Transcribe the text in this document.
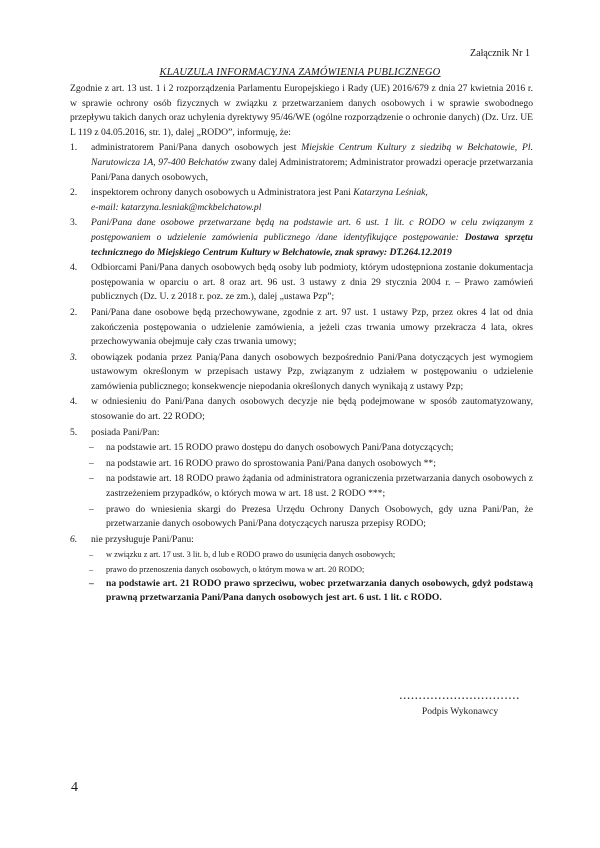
Załącznik Nr 1
KLAUZULA INFORMACYJNA ZAMÓWIENIA PUBLICZNEGO
Zgodnie z art. 13 ust. 1 i 2 rozporządzenia Parlamentu Europejskiego i Rady (UE) 2016/679 z dnia 27 kwietnia 2016 r. w sprawie ochrony osób fizycznych w związku z przetwarzaniem danych osobowych i w sprawie swobodnego przepływu takich danych oraz uchylenia dyrektywy 95/46/WE (ogólne rozporządzenie o ochronie danych) (Dz. Urz. UE L 119 z 04.05.2016, str. 1), dalej „RODO”, informuję, że:
1. administratorem Pani/Pana danych osobowych jest Miejskie Centrum Kultury z siedzibą w Bełchatowie, Pl. Narutowicza 1A, 97-400 Bełchatów zwany dalej Administratorem; Administrator prowadzi operacje przetwarzania Pani/Pana danych osobowych,
2. inspektorem ochrony danych osobowych u Administratora jest Pani Katarzyna Leśniak,
e-mail: katarzyna.lesniak@mckbelchatow.pl
3. Pani/Pana dane osobowe przetwarzane będą na podstawie art. 6 ust. 1 lit. c RODO w celu związanym z postępowaniem o udzielenie zamówienia publicznego /dane identyfikujące postępowanie: Dostawa sprzętu technicznego do Miejskiego Centrum Kultury w Bełchatowie, znak sprawy: DT.264.12.2019
4. Odbiorcami Pani/Pana danych osobowych będą osoby lub podmioty, którym udostępniona zostanie dokumentacja postępowania w oparciu o art. 8 oraz art. 96 ust. 3 ustawy z dnia 29 stycznia 2004 r. – Prawo zamówień publicznych (Dz. U. z 2018 r. poz. ze zm.), dalej „ustawa Pzp”;
2. Pani/Pana dane osobowe będą przechowywane, zgodnie z art. 97 ust. 1 ustawy Pzp, przez okres 4 lat od dnia zakończenia postępowania o udzielenie zamówienia, a jeżeli czas trwania umowy przekracza 4 lata, okres przechowywania obejmuje cały czas trwania umowy;
3. obowiązek podania przez Panią/Pana danych osobowych bezpośrednio Pani/Pana dotyczących jest wymogiem ustawowym określonym w przepisach ustawy Pzp, związanym z udziałem w postępowaniu o udzielenie zamówienia publicznego; konsekwencje niepodania określonych danych wynikają z ustawy Pzp;
4. w odniesieniu do Pani/Pana danych osobowych decyzje nie będą podejmowane w sposób zautomatyzowany, stosowanie do art. 22 RODO;
5. posiada Pani/Pan:
– na podstawie art. 15 RODO prawo dostępu do danych osobowych Pani/Pana dotyczących;
– na podstawie art. 16 RODO prawo do sprostowania Pani/Pana danych osobowych **;
– na podstawie art. 18 RODO prawo żądania od administratora ograniczenia przetwarzania danych osobowych z zastrzeżeniem przypadków, o których mowa w art. 18 ust. 2 RODO ***;
– prawo do wniesienia skargi do Prezesa Urzędu Ochrony Danych Osobowych, gdy uzna Pani/Pan, że przetwarzanie danych osobowych Pani/Pana dotyczących narusza przepisy RODO;
6. nie przysługuje Pani/Panu:
– w związku z art. 17 ust. 3 lit. b, d lub e RODO prawo do usunięcia danych osobowych;
– prawo do przenoszenia danych osobowych, o którym mowa w art. 20 RODO;
– na podstawie art. 21 RODO prawo sprzeciwu, wobec przetwarzania danych osobowych, gdyż podstawą prawną przetwarzania Pani/Pana danych osobowych jest art. 6 ust. 1 lit. c RODO.
...............................
Podpis Wykonawcy
4
